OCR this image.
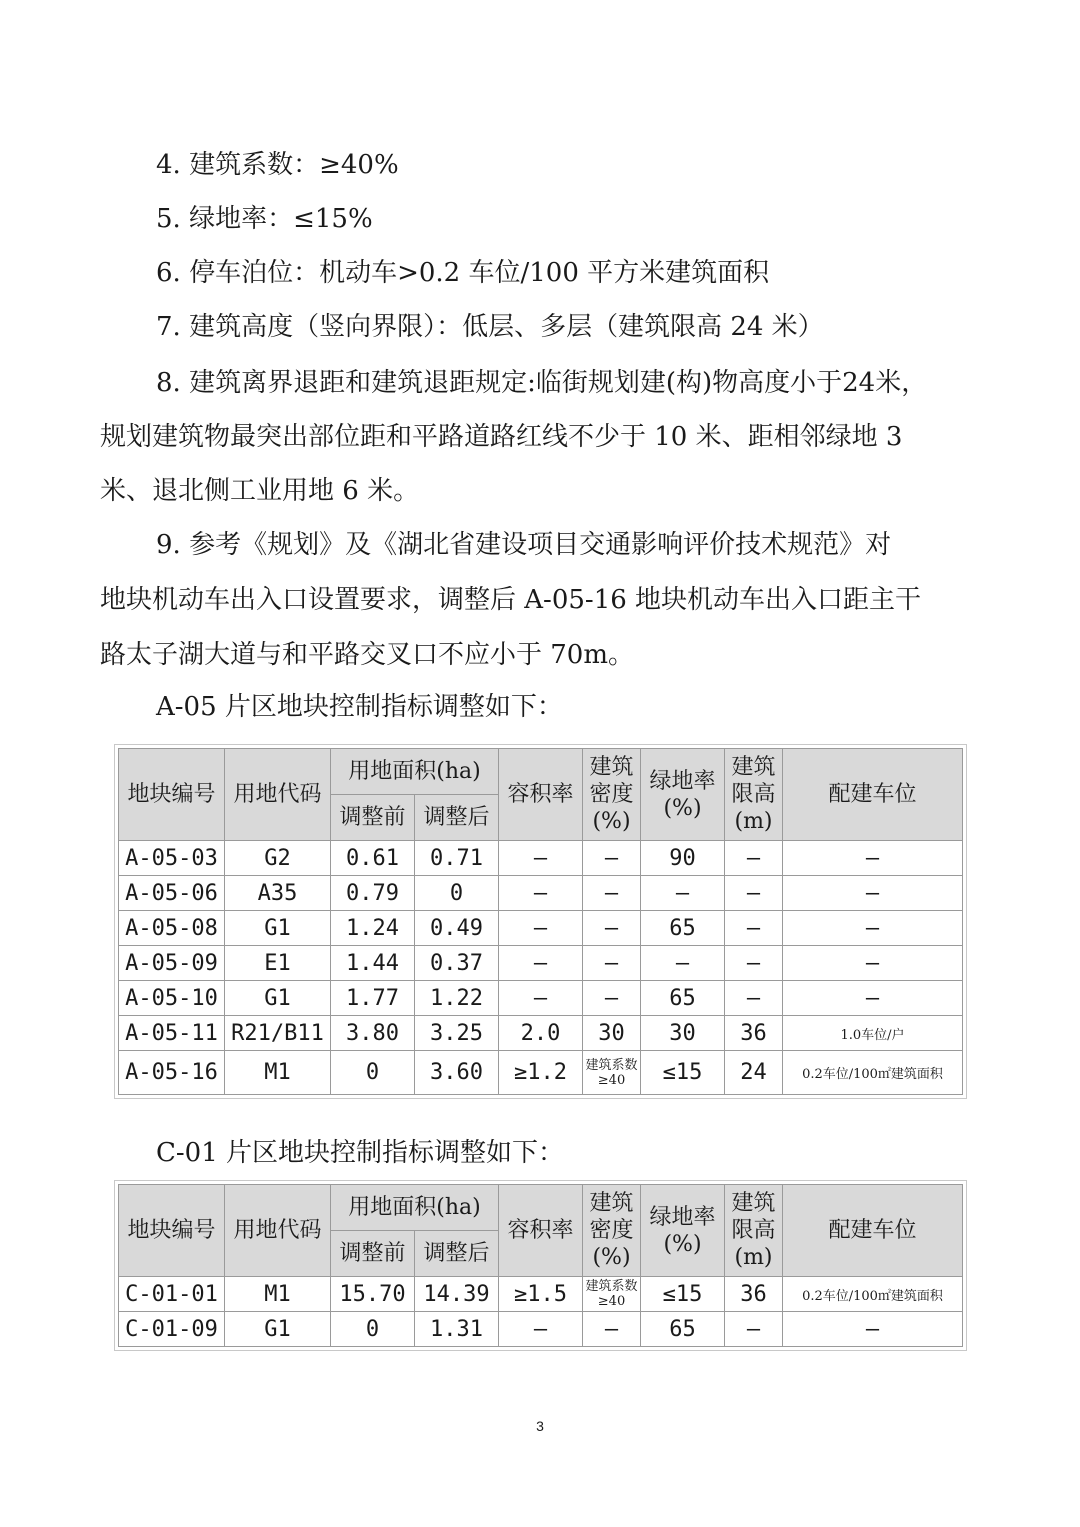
4. 建筑系数：≥40%
5. 绿地率：≤15%
6. 停车泊位：机动车>0.2 车位/100 平方米建筑面积
7. 建筑高度（竖向界限）：低层、多层（建筑限高 24 米）
8. 建筑离界退距和建筑退距规定:临街规划建(构)物高度小于24米，
规划建筑物最突出部位距和平路道路红线不少于 10 米、距相邻绿地 3
米、退北侧工业用地 6 米。
9. 参考《规划》及《湖北省建设项目交通影响评价技术规范》对
地块机动车出入口设置要求，调整后 A-05-16 地块机动车出入口距主干
路太子湖大道与和平路交叉口不应小于 70m。
A-05 片区地块控制指标调整如下：
地块编号	用地代码	用地面积(ha)		容积率	建筑密度(%)	绿地率(%)	建筑限高(m)	配建车位
		调整前	调整后					
A-05-03	G2	0.61	0.71	–	–	90	–	–
A-05-06	A35	0.79	0	–	–	–	–	–
A-05-08	G1	1.24	0.49	–	–	65	–	–
A-05-09	E1	1.44	0.37	–	–	–	–	–
A-05-10	G1	1.77	1.22	–	–	65	–	–
A-05-11	R21/B11	3.80	3.25	2.0	30	30	36	1.0车位/户
A-05-16	M1	0	3.60	≥1.2	建筑系数≥40	≤15	24	0.2车位/100㎡建筑面积
C-01 片区地块控制指标调整如下：
地块编号	用地代码	用地面积(ha)		容积率	建筑密度(%)	绿地率(%)	建筑限高(m)	配建车位
		调整前	调整后					
C-01-01	M1	15.70	14.39	≥1.5	建筑系数≥40	≤15	36	0.2车位/100㎡建筑面积
C-01-09	G1	0	1.31	–	–	65	–	–
3
